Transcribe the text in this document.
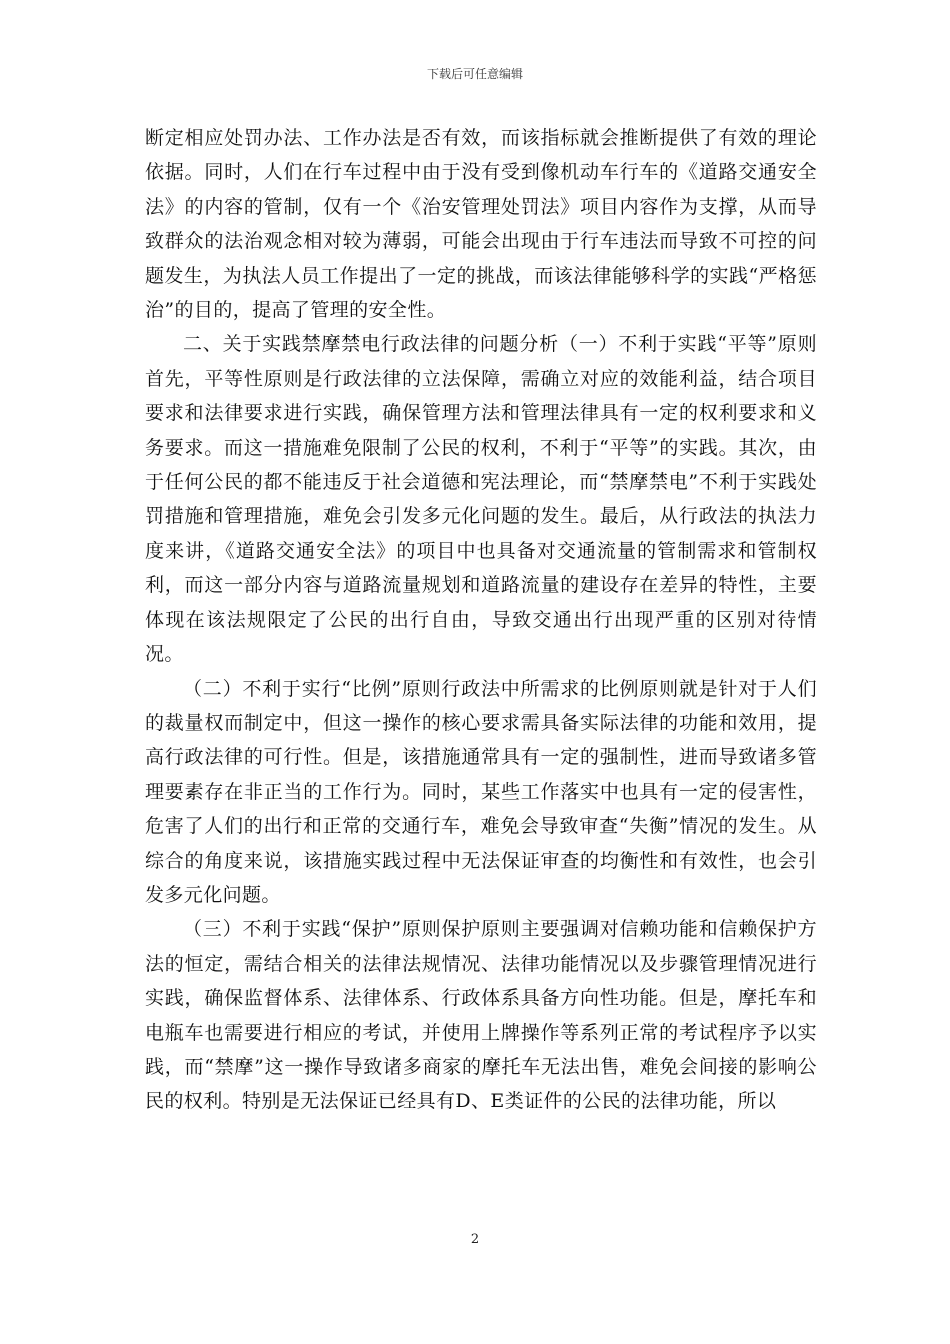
下载后可任意编辑

断定相应处罚办法、工作办法是否有效，而该指标就会推断提供了有效的理论依据。同时，人们在行车过程中由于没有受到像机动车行车的《道路交通安全法》的内容的管制，仅有一个《治安管理处罚法》项目内容作为支撑，从而导致群众的法治观念相对较为薄弱，可能会出现由于行车违法而导致不可控的问题发生，为执法人员工作提出了一定的挑战，而该法律能够科学的实践“严格惩治”的目的，提高了管理的安全性。

二、关于实践禁摩禁电行政法律的问题分析（一）不利于实践“平等”原则首先，平等性原则是行政法律的立法保障，需确立对应的效能利益，结合项目要求和法律要求进行实践，确保管理方法和管理法律具有一定的权利要求和义务要求。而这一措施难免限制了公民的权利，不利于“平等”的实践。其次，由于任何公民的都不能违反于社会道德和宪法理论，而“禁摩禁电”不利于实践处罚措施和管理措施，难免会引发多元化问题的发生。最后，从行政法的执法力度来讲，《道路交通安全法》的项目中也具备对交通流量的管制需求和管制权利，而这一部分内容与道路流量规划和道路流量的建设存在差异的特性，主要体现在该法规限定了公民的出行自由，导致交通出行出现严重的区别对待情况。

（二）不利于实行“比例”原则行政法中所需求的比例原则就是针对于人们的裁量权而制定中，但这一操作的核心要求需具备实际法律的功能和效用，提高行政法律的可行性。但是，该措施通常具有一定的强制性，进而导致诸多管理要素存在非正当的工作行为。同时，某些工作落实中也具有一定的侵害性，危害了人们的出行和正常的交通行车，难免会导致审查“失衡”情况的发生。从综合的角度来说，该措施实践过程中无法保证审查的均衡性和有效性，也会引发多元化问题。

（三）不利于实践“保护”原则保护原则主要强调对信赖功能和信赖保护方法的恒定，需结合相关的法律法规情况、法律功能情况以及步骤管理情况进行实践，确保监督体系、法律体系、行政体系具备方向性功能。但是，摩托车和电瓶车也需要进行相应的考试，并使用上牌操作等系列正常的考试程序予以实践，而“禁摩”这一操作导致诸多商家的摩托车无法出售，难免会间接的影响公民的权利。特别是无法保证已经具有D、E类证件的公民的法律功能，所以

2
